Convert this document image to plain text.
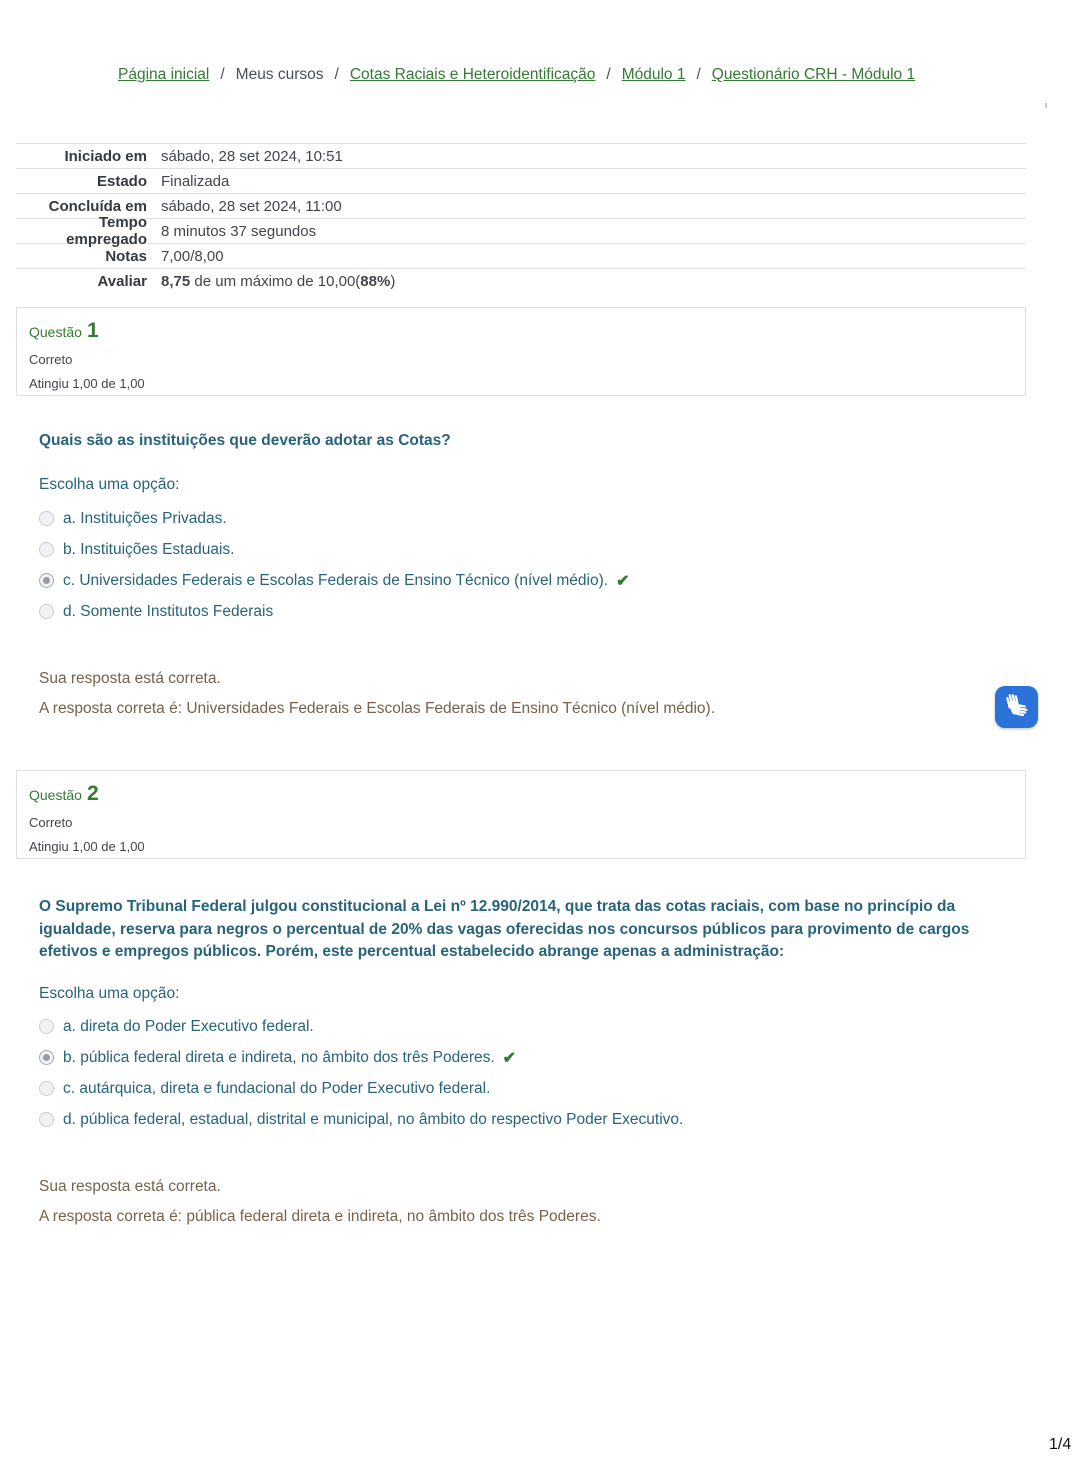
Página inicial / Meus cursos / Cotas Raciais e Heteroidentificação / Módulo 1 / Questionário CRH - Módulo 1
Iniciado em sábado, 28 set 2024, 10:51
Estado Finalizada
Concluída em sábado, 28 set 2024, 11:00
Tempo empregado 8 minutos 37 segundos
Notas 7,00/8,00
Avaliar 8,75 de um máximo de 10,00(88%)
Questão 1
Correto
Atingiu 1,00 de 1,00
Quais são as instituições que deverão adotar as Cotas?
Escolha uma opção:
a. Instituições Privadas.
b. Instituições Estaduais.
c. Universidades Federais e Escolas Federais de Ensino Técnico (nível médio). ✔
d. Somente Institutos Federais

Sua resposta está correta.

A resposta correta é: Universidades Federais e Escolas Federais de Ensino Técnico (nível médio).

Questão 2
Correto
Atingiu 1,00 de 1,00
O Supremo Tribunal Federal julgou constitucional a Lei nº 12.990/2014, que trata das cotas raciais, com base no princípio da igualdade, reserva para negros o percentual de 20% das vagas oferecidas nos concursos públicos para provimento de cargos efetivos e empregos públicos. Porém, este percentual estabelecido abrange apenas a administração:
Escolha uma opção:
a. direta do Poder Executivo federal.
b. pública federal direta e indireta, no âmbito dos três Poderes. ✔
c. autárquica, direta e fundacional do Poder Executivo federal.
d. pública federal, estadual, distrital e municipal, no âmbito do respectivo Poder Executivo.

Sua resposta está correta.

A resposta correta é: pública federal direta e indireta, no âmbito dos três Poderes.

1/4
